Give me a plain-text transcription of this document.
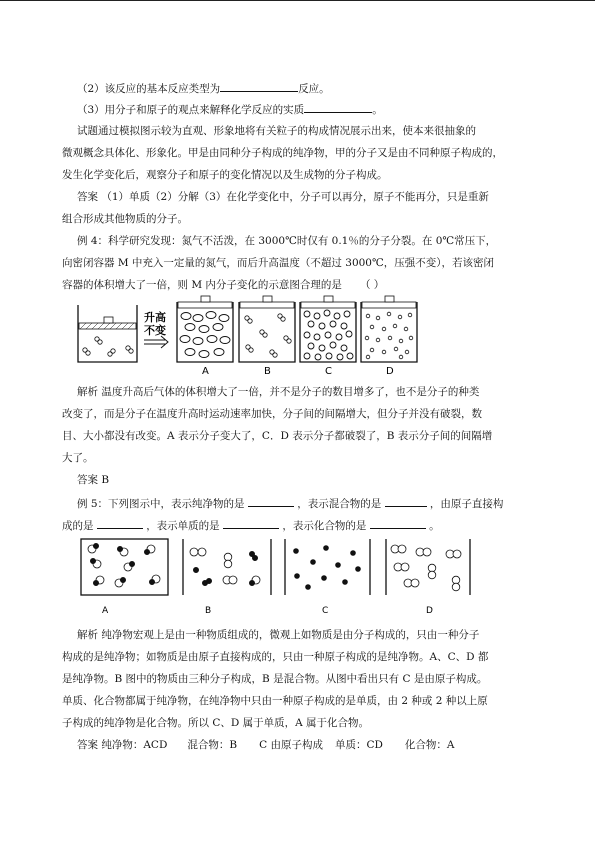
（2）该反应的基本反应类型为	反应。
（3）用分子和原子的观点来解释化学反应的实质	。
试题通过模拟图示较为直观、形象地将有关粒子的构成情况展示出来，使本来很抽象的
微观概念具体化、形象化。甲是由同种分子构成的纯净物，甲的分子又是由不同种原子构成的，
发生化学变化后，观察分子和原子的变化情况以及生成物的分子构成。
答案 （1）单质（2）分解（3）在化学变化中，分子可以再分，原子不能再分，只是重新
组合形成其他物质的分子。
例 4：科学研究发现：氮气不活泼，在 3000℃时仅有 0.1％的分子分裂。在 0℃常压下，
向密闭容器 M 中充入一定量的氮气，而后升高温度（不超过 3000℃，压强不变），若该密闭
容器的体积增大了一倍，则 M 内分子变化的示意图合理的是 （ ）
升高
不变
A	B	C	D
解析 温度升高后气体的体积增大了一倍，并不是分子的数目增多了，也不是分子的种类
改变了，而是分子在温度升高时运动速率加快，分子间的间隔增大，但分子并没有破裂，数
目、大小都没有改变。A 表示分子变大了，C．D 表示分子都破裂了，B 表示分子间的间隔增
大了。
答案 B
例 5：下列图示中，表示纯净物的是	，表示混合物的是	，由原子直接构
成的是	，表示单质的是	，表示化合物的是	。
A	B	C	D
解析 纯净物宏观上是由一种物质组成的，微观上如物质是由分子构成的，只由一种分子
构成的是纯净物；如物质是由原子直接构成的，只由一种原子构成的是纯净物。A、C、D 都
是纯净物。B 图中的物质由三种分子构成，B 是混合物。从图中看出只有 C 是由原子构成。
单质、化合物都属于纯净物，在纯净物中只由一种原子构成的是单质，由 2 种或 2 种以上原
子构成的纯净物是化合物。所以 C、D 属于单质，A 属于化合物。
答案 纯净物：ACD 混合物：B C 由原子构成 单质：CD 化合物：A
